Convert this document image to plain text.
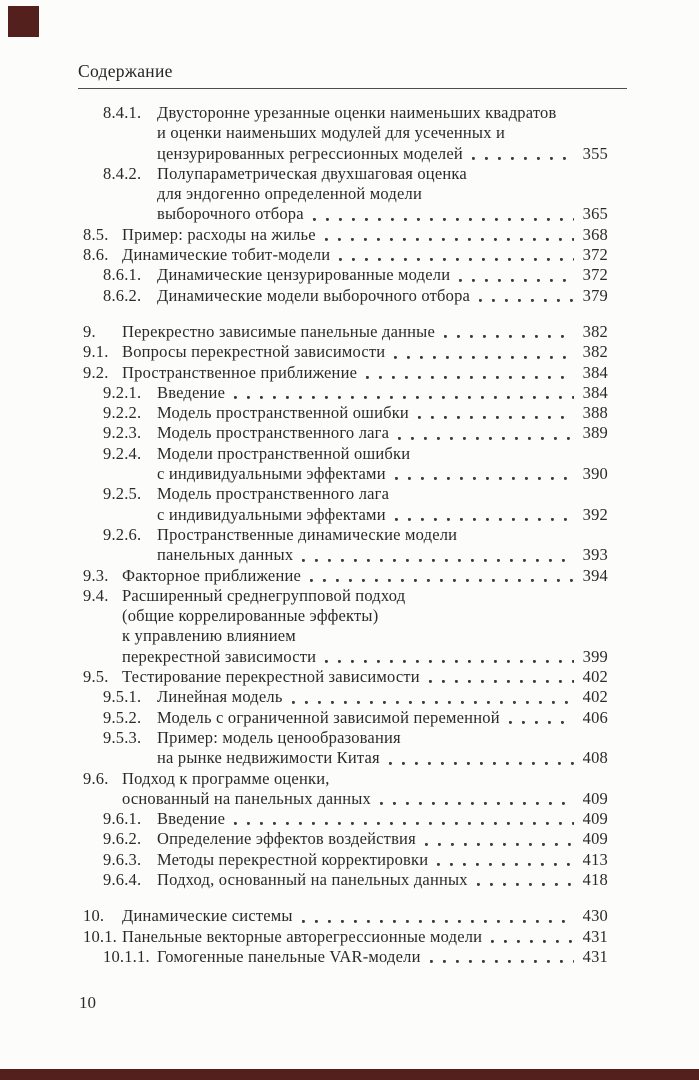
Содержание
8.4.1. Двусторонне урезанные оценки наименьших квадратов
и оценки наименьших модулей для усеченных и
цензурированных регрессионных моделей	355
8.4.2. Полупараметрическая двухшаговая оценка
для эндогенно определенной модели
выборочного отбора	365
8.5. Пример: расходы на жилье	368
8.6. Динамические тобит-модели	372
8.6.1. Динамические цензурированные модели	372
8.6.2. Динамические модели выборочного отбора	379
9.	Перекрестно зависимые панельные данные	382
9.1. Вопросы перекрестной зависимости	382
9.2. Пространственное приближение	384
9.2.1. Введение	384
9.2.2. Модель пространственной ошибки	388
9.2.3. Модель пространственного лага	389
9.2.4. Модели пространственной ошибки
с индивидуальными эффектами	390
9.2.5. Модель пространственного лага
с индивидуальными эффектами	392
9.2.6. Пространственные динамические модели
панельных данных	393
9.3. Факторное приближение	394
9.4. Расширенный среднегрупповой подход
(общие коррелированные эффекты)
к управлению влиянием
перекрестной зависимости	399
9.5. Тестирование перекрестной зависимости	402
9.5.1. Линейная модель	402
9.5.2. Модель с ограниченной зависимой переменной	406
9.5.3. Пример: модель ценообразования
на рынке недвижимости Китая	408
9.6. Подход к программе оценки,
основанный на панельных данных	409
9.6.1. Введение	409
9.6.2. Определение эффектов воздействия	409
9.6.3. Методы перекрестной корректировки	413
9.6.4. Подход, основанный на панельных данных	418
10.	Динамические системы	430
10.1. Панельные векторные авторегрессионные модели	431
10.1.1. Гомогенные панельные VAR-модели	431
10
